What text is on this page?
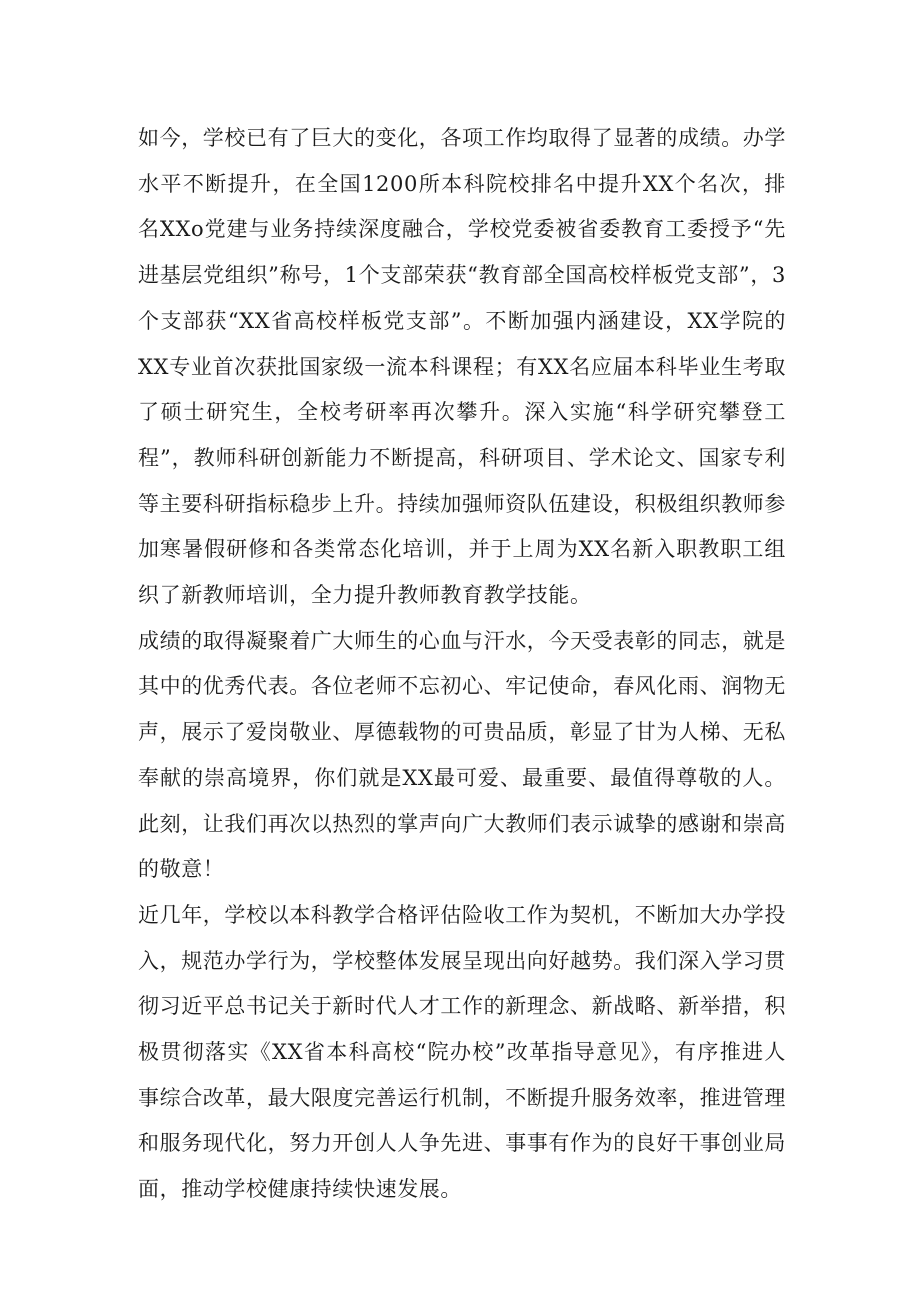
如今，学校已有了巨大的变化，各项工作均取得了显著的成绩。办学水平不断提升，在全国1200所本科院校排名中提升XX个名次，排名XXo党建与业务持续深度融合，学校党委被省委教育工委授予“先进基层党组织”称号，1个支部荣获“教育部全国高校样板党支部”，3个支部获“XX省高校样板党支部”。不断加强内涵建设，XX学院的XX专业首次获批国家级一流本科课程；有XX名应届本科毕业生考取了硕士研究生，全校考研率再次攀升。深入实施“科学研究攀登工程”，教师科研创新能力不断提高，科研项目、学术论文、国家专利等主要科研指标稳步上升。持续加强师资队伍建设，积极组织教师参加寒暑假研修和各类常态化培训，并于上周为XX名新入职教职工组织了新教师培训，全力提升教师教育教学技能。

成绩的取得凝聚着广大师生的心血与汗水，今天受表彰的同志，就是其中的优秀代表。各位老师不忘初心、牢记使命，春风化雨、润物无声，展示了爱岗敬业、厚德载物的可贵品质，彰显了甘为人梯、无私奉献的崇高境界，你们就是XX最可爱、最重要、最值得尊敬的人。此刻，让我们再次以热烈的掌声向广大教师们表示诚挚的感谢和崇高的敬意！

近几年，学校以本科教学合格评估险收工作为契机，不断加大办学投入，规范办学行为，学校整体发展呈现出向好越势。我们深入学习贯彻习近平总书记关于新时代人才工作的新理念、新战略、新举措，积极贯彻落实《XX省本科高校“院办校”改革指导意见》，有序推进人事综合改革，最大限度完善运行机制，不断提升服务效率，推进管理和服务现代化，努力开创人人争先进、事事有作为的良好干事创业局面，推动学校健康持续快速发展。
